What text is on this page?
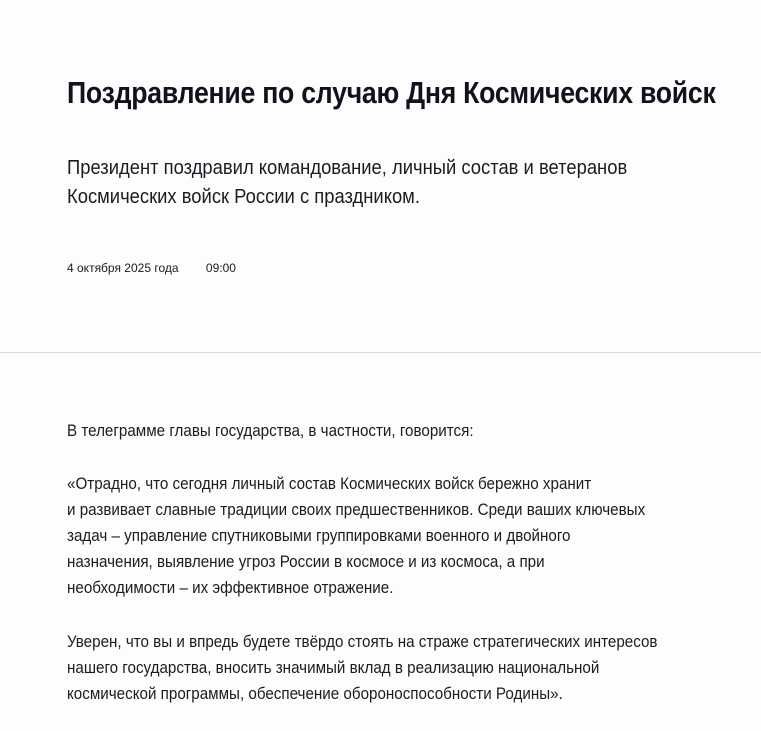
Поздравление по случаю Дня Космических войск

Президент поздравил командование, личный состав и ветеранов
Космических войск России с праздником.

4 октября 2025 года 09:00

В телеграмме главы государства, в частности, говорится:

«Отрадно, что сегодня личный состав Космических войск бережно хранит
и развивает славные традиции своих предшественников. Среди ваших ключевых
задач – управление спутниковыми группировками военного и двойного
назначения, выявление угроз России в космосе и из космоса, а при
необходимости – их эффективное отражение.

Уверен, что вы и впредь будете твёрдо стоять на страже стратегических интересов
нашего государства, вносить значимый вклад в реализацию национальной
космической программы, обеспечение обороноспособности Родины».
